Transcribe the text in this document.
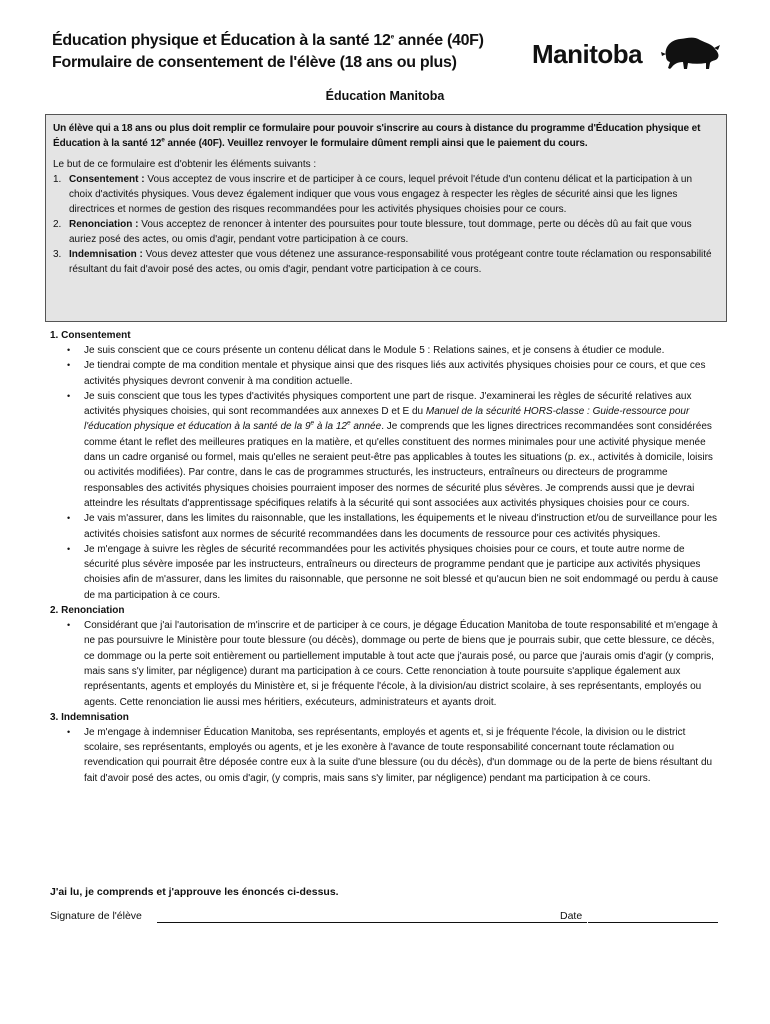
Éducation physique et Éducation à la santé 12e année (40F)
Formulaire de consentement de l'élève (18 ans ou plus)	Manitoba
Éducation Manitoba
Un élève qui a 18 ans ou plus doit remplir ce formulaire pour pouvoir s'inscrire au cours à distance du programme d'Éducation physique et Éducation à la santé 12e année (40F). Veuillez renvoyer le formulaire dûment rempli ainsi que le paiement du cours.
Le but de ce formulaire est d'obtenir les éléments suivants :
1. Consentement : Vous acceptez de vous inscrire et de participer à ce cours, lequel prévoit l'étude d'un contenu délicat et la participation à un choix d'activités physiques. Vous devez également indiquer que vous vous engagez à respecter les règles de sécurité ainsi que les lignes directrices et normes de gestion des risques recommandées pour les activités physiques choisies pour ce cours.
2. Renonciation : Vous acceptez de renoncer à intenter des poursuites pour toute blessure, tout dommage, perte ou décès dû au fait que vous auriez posé des actes, ou omis d'agir, pendant votre participation à ce cours.
3. Indemnisation : Vous devez attester que vous détenez une assurance-responsabilité vous protégeant contre toute réclamation ou responsabilité résultant du fait d'avoir posé des actes, ou omis d'agir, pendant votre participation à ce cours.
1. Consentement
• Je suis conscient que ce cours présente un contenu délicat dans le Module 5 : Relations saines, et je consens à étudier ce module.
• Je tiendrai compte de ma condition mentale et physique ainsi que des risques liés aux activités physiques choisies pour ce cours, et que ces activités physiques devront convenir à ma condition actuelle.
• Je suis conscient que tous les types d'activités physiques comportent une part de risque. J'examinerai les règles de sécurité relatives aux activités physiques choisies, qui sont recommandées aux annexes D et E du Manuel de la sécurité HORS-classe : Guide-ressource pour l'éducation physique et éducation à la santé de la 9e à la 12e année. Je comprends que les lignes directrices recommandées sont considérées comme étant le reflet des meilleures pratiques en la matière, et qu'elles constituent des normes minimales pour une activité physique menée dans un cadre organisé ou formel, mais qu'elles ne seraient peut-être pas applicables à toutes les situations (p. ex., activités à domicile, loisirs ou activités modifiées). Par contre, dans le cas de programmes structurés, les instructeurs, entraîneurs ou directeurs de programme responsables des activités physiques choisies pourraient imposer des normes de sécurité plus sévères. Je comprends aussi que je devrai atteindre les résultats d'apprentissage spécifiques relatifs à la sécurité qui sont associées aux activités physiques choisies pour ce cours.
• Je vais m'assurer, dans les limites du raisonnable, que les installations, les équipements et le niveau d'instruction et/ou de surveillance pour les activités choisies satisfont aux normes de sécurité recommandées dans les documents de ressource pour ces activités physiques.
• Je m'engage à suivre les règles de sécurité recommandées pour les activités physiques choisies pour ce cours, et toute autre norme de sécurité plus sévère imposée par les instructeurs, entraîneurs ou directeurs de programme pendant que je participe aux activités physiques choisies afin de m'assurer, dans les limites du raisonnable, que personne ne soit blessé et qu'aucun bien ne soit endommagé ou perdu à cause de ma participation à ce cours.
2. Renonciation
• Considérant que j'ai l'autorisation de m'inscrire et de participer à ce cours, je dégage Éducation Manitoba de toute responsabilité et m'engage à ne pas poursuivre le Ministère pour toute blessure (ou décès), dommage ou perte de biens que je pourrais subir, que cette blessure, ce décès, ce dommage ou la perte soit entièrement ou partiellement imputable à tout acte que j'aurais posé, ou parce que j'aurais omis d'agir (y compris, mais sans s'y limiter, par négligence) durant ma participation à ce cours. Cette renonciation à toute poursuite s'applique également aux représentants, agents et employés du Ministère et, si je fréquente l'école, à la division/au district scolaire, à ses représentants, employés ou agents. Cette renonciation lie aussi mes héritiers, exécuteurs, administrateurs et ayants droit.
3. Indemnisation
• Je m'engage à indemniser Éducation Manitoba, ses représentants, employés et agents et, si je fréquente l'école, la division ou le district scolaire, ses représentants, employés ou agents, et je les exonère à l'avance de toute responsabilité concernant toute réclamation ou revendication qui pourrait être déposée contre eux à la suite d'une blessure (ou du décès), d'un dommage ou de la perte de biens résultant du fait d'avoir posé des actes, ou omis d'agir, (y compris, mais sans s'y limiter, par négligence) pendant ma participation à ce cours.
J'ai lu, je comprends et j'approuve les énoncés ci-dessus.
Signature de l'élève	Date
